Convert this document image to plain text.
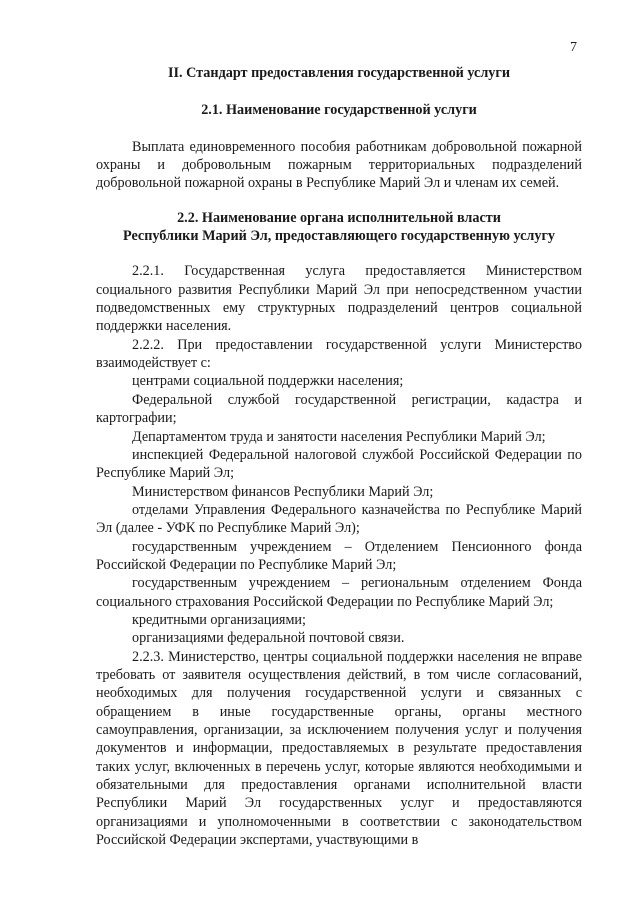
7
II. Стандарт предоставления государственной услуги
2.1. Наименование государственной услуги

Выплата единовременного пособия работникам добровольной пожарной охраны и добровольным пожарным территориальных подразделений добровольной пожарной охраны в Республике Марий Эл и членам их семей.

2.2. Наименование органа исполнительной власти
Республики Марий Эл, предоставляющего государственную услугу

2.2.1. Государственная услуга предоставляется Министерством социального развития Республики Марий Эл при непосредственном участии подведомственных ему структурных подразделений центров социальной поддержки населения.

2.2.2. При предоставлении государственной услуги Министерство взаимодействует с:

центрами социальной поддержки населения;

Федеральной службой государственной регистрации, кадастра и картографии;

Департаментом труда и занятости населения Республики Марий Эл;

инспекцией Федеральной налоговой службой Российской Федерации по Республике Марий Эл;

Министерством финансов Республики Марий Эл;

отделами Управления Федерального казначейства по Республике Марий Эл (далее - УФК по Республике Марий Эл);

государственным учреждением – Отделением Пенсионного фонда Российской Федерации по Республике Марий Эл;

государственным учреждением – региональным отделением Фонда социального страхования Российской Федерации по Республике Марий Эл;

кредитными организациями;

организациями федеральной почтовой связи.

2.2.3. Министерство, центры социальной поддержки населения не вправе требовать от заявителя осуществления действий, в том числе согласований, необходимых для получения государственной услуги и связанных с обращением в иные государственные органы, органы местного самоуправления, организации, за исключением получения услуг и получения документов и информации, предоставляемых в результате предоставления таких услуг, включенных в перечень услуг, которые являются необходимыми и обязательными для предоставления органами исполнительной власти Республики Марий Эл государственных услуг и предоставляются организациями и уполномоченными в соответствии с законодательством Российской Федерации экспертами, участвующими в
